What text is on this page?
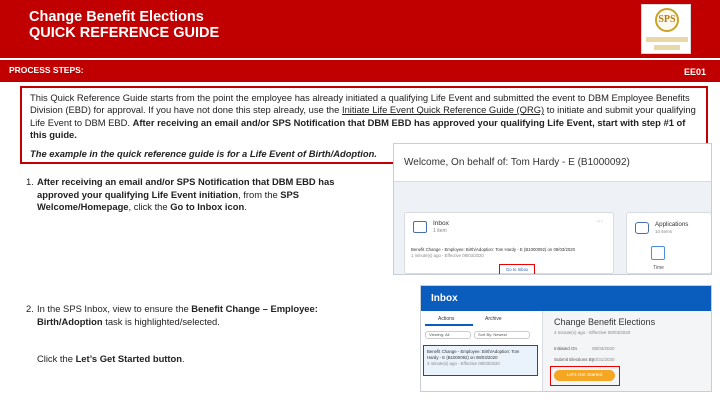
Change Benefit Elections
QUICK REFERENCE GUIDE
SPS
PROCESS STEPS:	EE01
This Quick Reference Guide starts from the point the employee has already initiated a qualifying Life Event and submitted the event to DBM Employee Benefits Division (EBD) for approval. If you have not done this step already, use the Initiate Life Event Quick Reference Guide (QRG) to initiate and submit your qualifying Life Event to DBM EBD. After receiving an email and/or SPS Notification that DBM EBD has approved your qualifying Life Event, start with step #1 of this guide.
The example in the quick reference guide is for a Life Event of Birth/Adoption.
1. After receiving an email and/or SPS Notification that DBM EBD has approved your qualifying Life Event initiation, from the SPS Welcome/Homepage, click the Go to Inbox icon.
2. In the SPS Inbox, view to ensure the Benefit Change – Employee: Birth/Adoption task is highlighted/selected.
Click the Let’s Get Started button.
Welcome, On behalf of: Tom Hardy - E (B1000092)
Inbox
1 item
···
Benefit Change - Employee: Birth/Adoption: Tom Hardy - E (B1000092) on 08/03/2020
1 minute(s) ago - Effective 08/03/2020
Go to Inbox
Applications
10 items
Time
Inbox
Actions	Archive
Viewing: All	Sort By: Newest
Benefit Change - Employee: Birth/Adoption: Tom
Hardy - E (B1000092) on 08/03/2020
4 minute(s) ago - Effective 08/03/2020
Change Benefit Elections
4 minute(s) ago - Effective 08/03/2020
Initiated On	08/03/2020
Submit Elections By
10/31/2020
Let's Get Started
